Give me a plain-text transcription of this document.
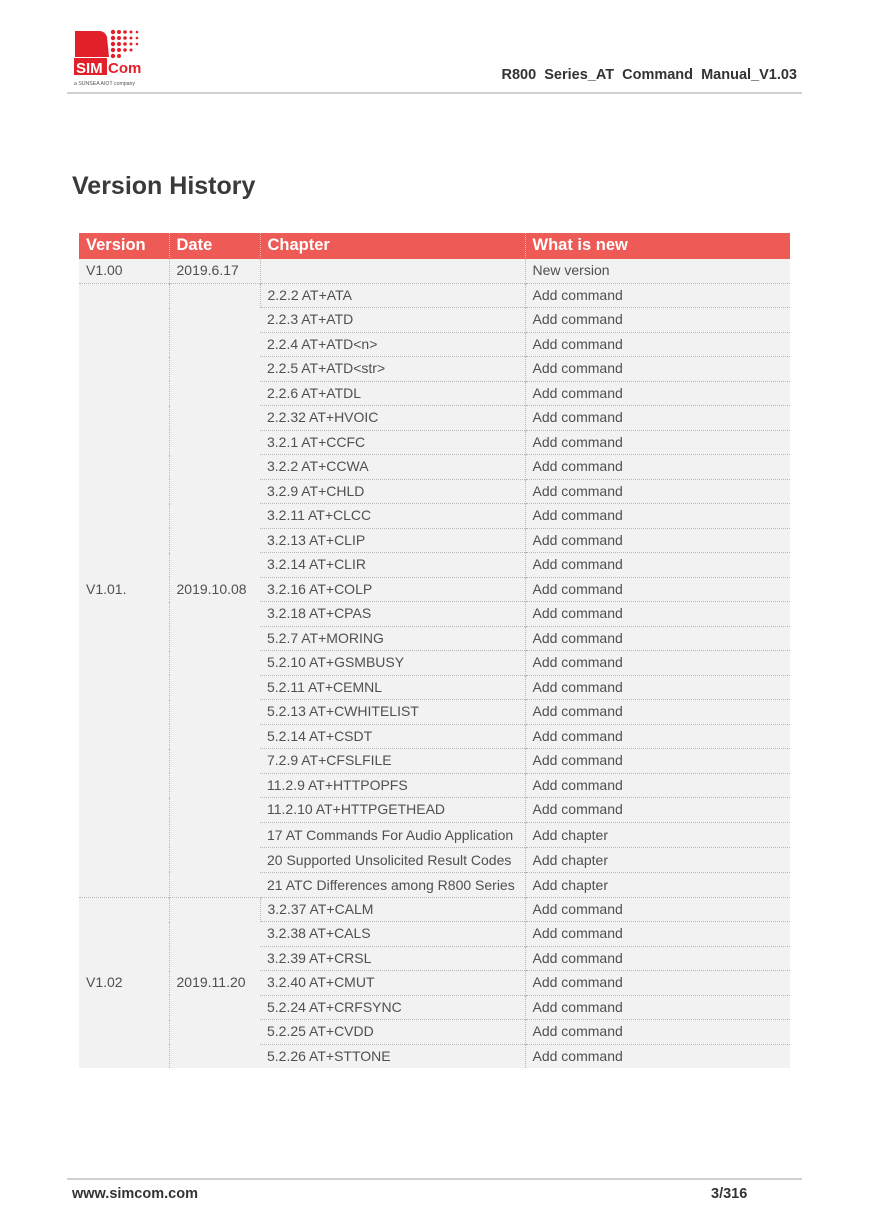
SIM Com
a SUNSEA AIOT company
R800  Series_AT  Command  Manual_V1.03
Version History
Version	Date	Chapter	What is new
V1.00	2019.6.17		New version
V1.01.	2019.10.08	2.2.2 AT+ATA	Add command
		2.2.3 AT+ATD	Add command
		2.2.4 AT+ATD<n>	Add command
		2.2.5 AT+ATD<str>	Add command
		2.2.6 AT+ATDL	Add command
		2.2.32 AT+HVOIC	Add command
		3.2.1 AT+CCFC	Add command
		3.2.2 AT+CCWA	Add command
		3.2.9 AT+CHLD	Add command
		3.2.11 AT+CLCC	Add command
		3.2.13 AT+CLIP	Add command
		3.2.14 AT+CLIR	Add command
		3.2.16 AT+COLP	Add command
		3.2.18 AT+CPAS	Add command
		5.2.7 AT+MORING	Add command
		5.2.10 AT+GSMBUSY	Add command
		5.2.11 AT+CEMNL	Add command
		5.2.13 AT+CWHITELIST	Add command
		5.2.14 AT+CSDT	Add command
		7.2.9 AT+CFSLFILE	Add command
		11.2.9 AT+HTTPOPFS	Add command
		11.2.10 AT+HTTPGETHEAD	Add command
		17 AT Commands For Audio Application	Add chapter
		20 Supported Unsolicited Result Codes	Add chapter
		21 ATC Differences among R800 Series	Add chapter
V1.02	2019.11.20	3.2.37 AT+CALM	Add command
		3.2.38 AT+CALS	Add command
		3.2.39 AT+CRSL	Add command
		3.2.40 AT+CMUT	Add command
		5.2.24 AT+CRFSYNC	Add command
		5.2.25 AT+CVDD	Add command
		5.2.26 AT+STTONE	Add command
www.simcom.com	3/316
